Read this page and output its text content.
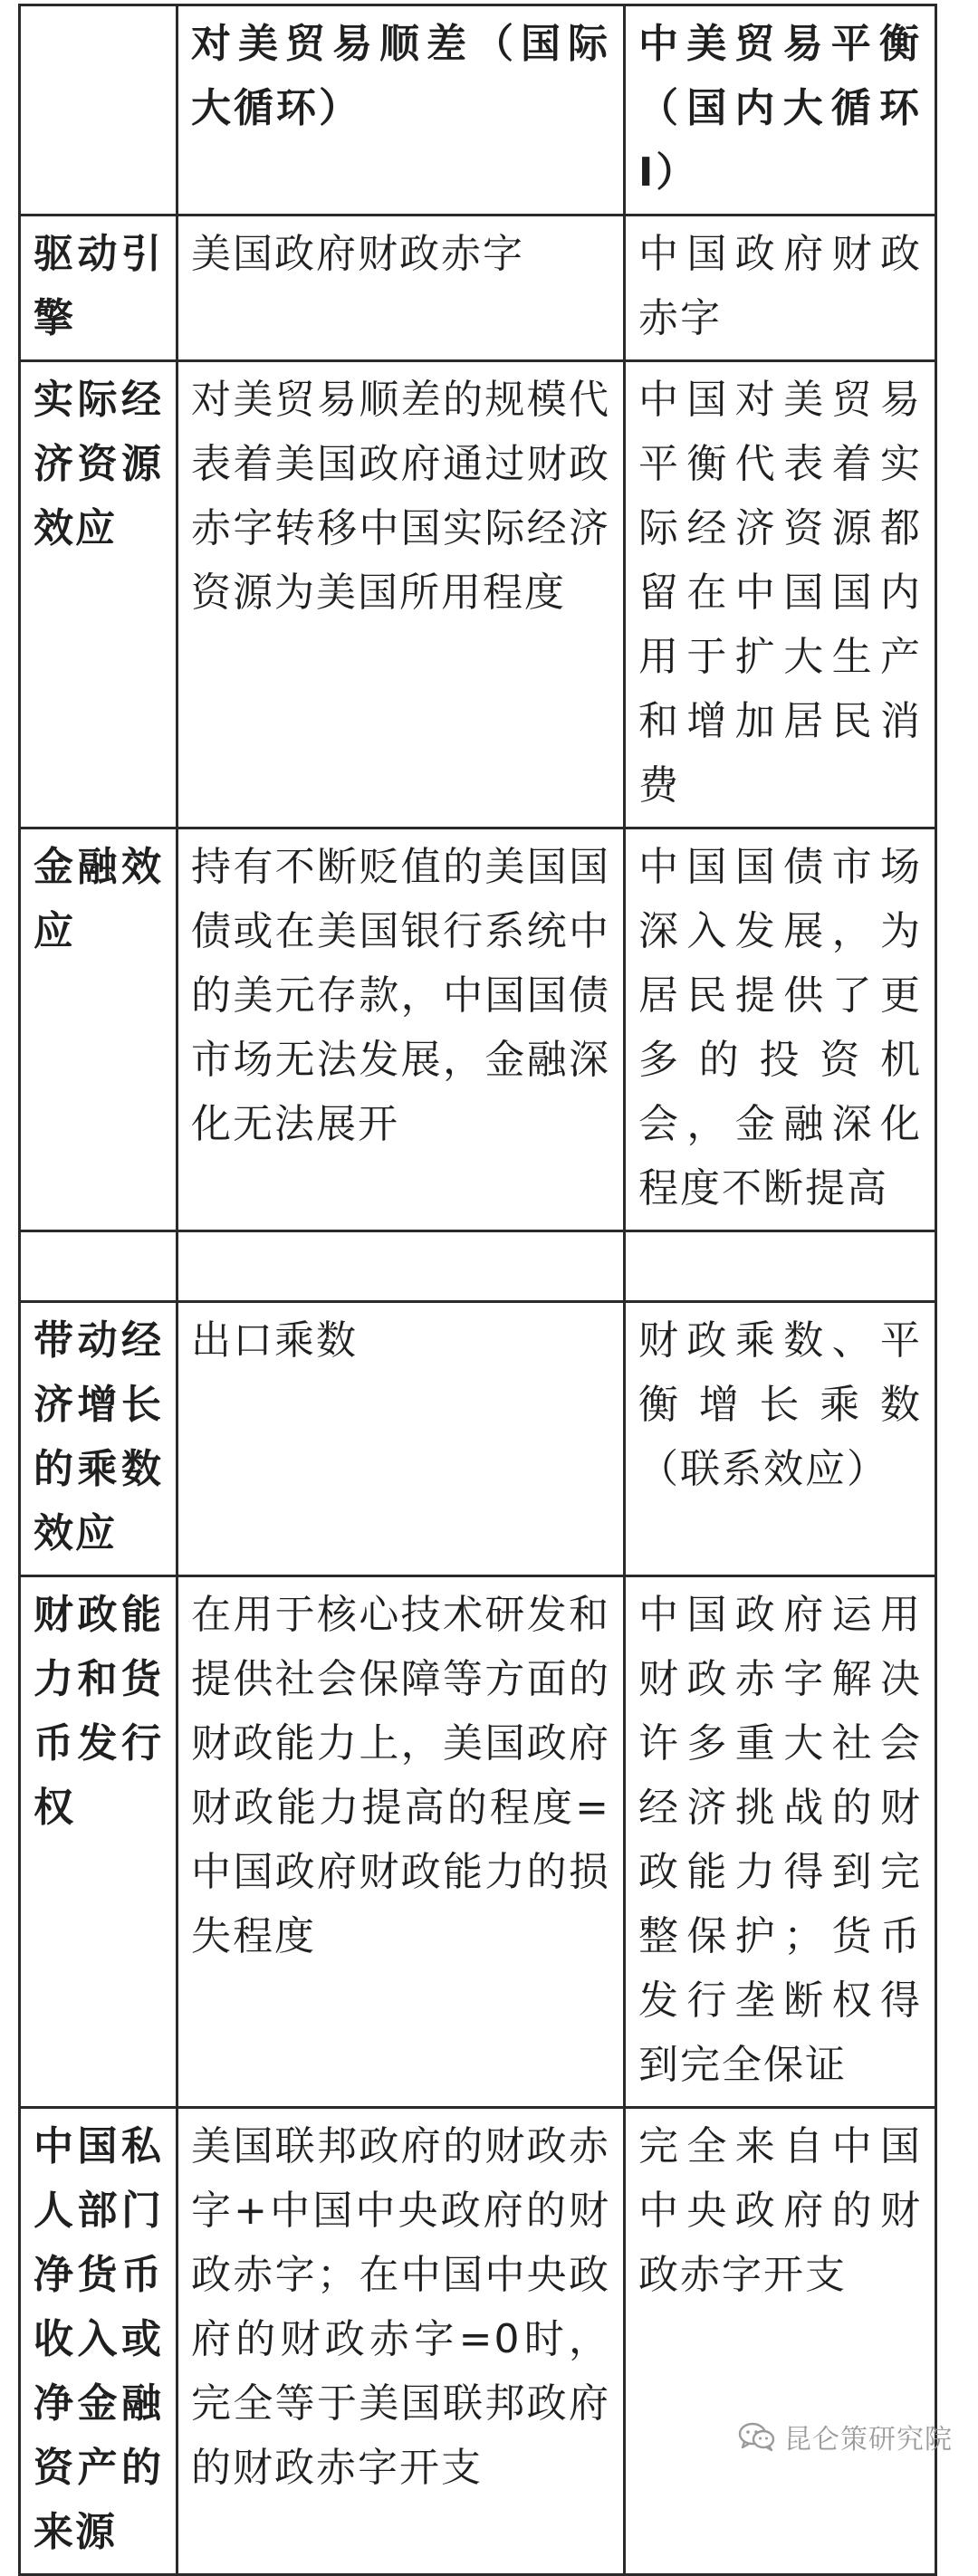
	对美贸易顺差（国际大循环）	中美贸易平衡（国内大循环I）
驱动引擎	美国政府财政赤字	中国政府财政赤字
实际经济资源效应	对美贸易顺差的规模代表着美国政府通过财政赤字转移中国实际经济资源为美国所用程度	中国对美贸易平衡代表着实际经济资源都留在中国国内用于扩大生产和增加居民消费
金融效应	持有不断贬值的美国国债或在美国银行系统中的美元存款，中国国债市场无法发展，金融深化无法展开	中国国债市场深入发展，为居民提供了更多的投资机会，金融深化程度不断提高

带动经济增长的乘数效应	出口乘数	财政乘数、平衡增长乘数（联系效应）
财政能力和货币发行权	在用于核心技术研发和提供社会保障等方面的财政能力上，美国政府财政能力提高的程度=中国政府财政能力的损失程度	中国政府运用财政赤字解决许多重大社会经济挑战的财政能力得到完整保护；货币发行垄断权得到完全保证
中国私人部门净货币收入或净金融资产的来源	美国联邦政府的财政赤字+中国中央政府的财政赤字；在中国中央政府的财政赤字=0时，完全等于美国联邦政府的财政赤字开支	完全来自中国中央政府的财政赤字开支
昆仑策研究院
